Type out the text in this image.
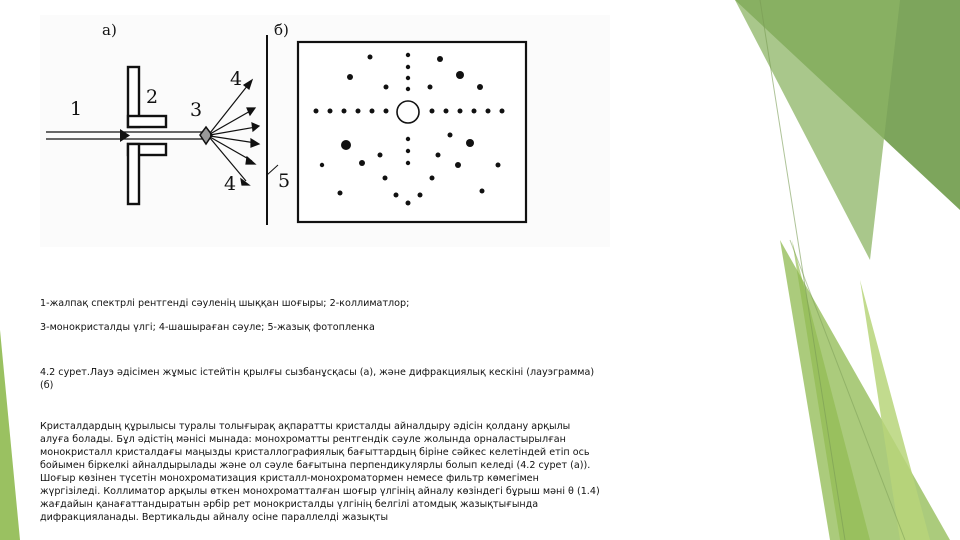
а)
1
2
3
4
4 5
б)
1-жалпақ спектрлі рентгенді сәуленің шыққан шоғыры; 2-коллиматлор;
3-монокристалды үлгі; 4-шашыраған сәуле; 5-жазық фотопленка
4.2 сурет.Лауэ әдісімен жұмыс істейтін қрылғы сызбанұсқасы (а), және дифракциялық кескіні (лауэграмма) (б)
Кристалдардың құрылысы туралы толығырақ ақпаратты кристалды айналдыру әдісін қолдану арқылы алуға болады. Бұл әдістің мәнісі мынада: монохроматты рентгендік сәуле жолында орналастырылған монокристалл кристалдағы маңызды кристаллографиялық бағыттардың біріне сәйкес келетіндей етіп ось бойымен біркелкі айналдырылады және ол сәуле бағытына перпендикулярлы болып келеді (4.2 сурет (а)). Шоғыр көзінен түсетін монохроматизация кристалл-монохроматормен немесе фильтр көмегімен жүргізіледі. Коллиматор арқылы өткен монохроматталған шоғыр үлгінің айналу көзіндегі бұрыш мәні θ (1.4) жағдайын қанағаттандыратын әрбір рет монокристалды үлгінің белгілі атомдық жазықтығында дифракцияланады. Вертикальды айналу осіне параллелді жазықты
